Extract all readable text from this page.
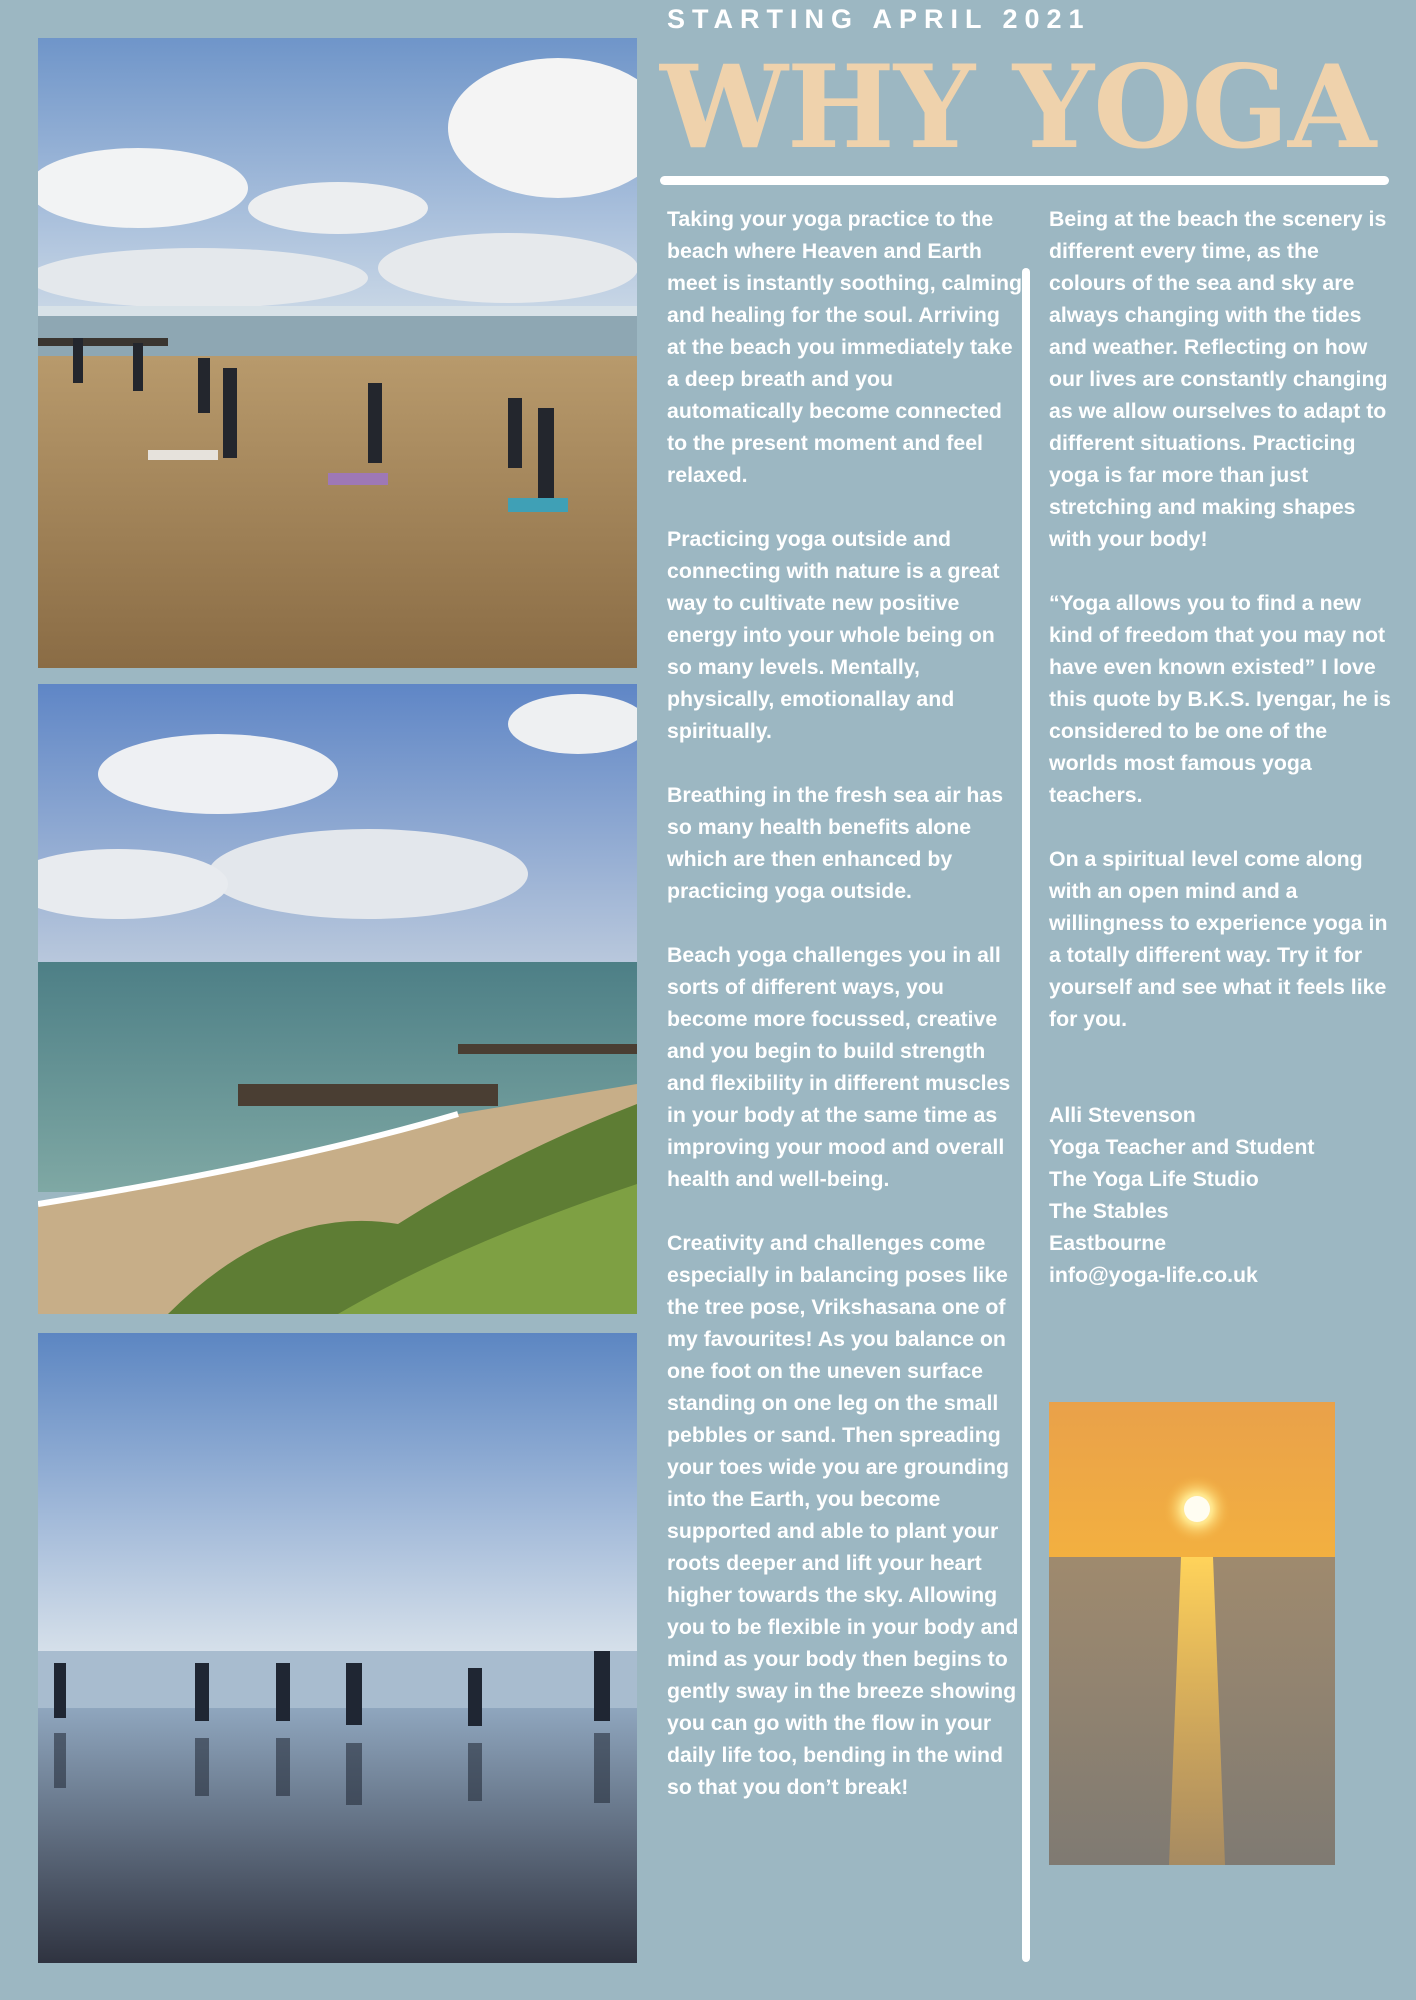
STARTING APRIL 2021
WHY YOGA

Taking your yoga practice to the beach where Heaven and Earth meet is instantly soothing, calming and healing for the soul. Arriving at the beach you immediately take a deep breath and you automatically become connected to the present moment and feel relaxed.

Practicing yoga outside and connecting with nature is a great way to cultivate new positive energy into your whole being on so many levels. Mentally, physically, emotionallay and spiritually.

Breathing in the fresh sea air has so many health benefits alone which are then enhanced by practicing yoga outside.

Beach yoga challenges you in all sorts of different ways, you become more focussed, creative and you begin to build strength and flexibility in different muscles in your body at the same time as improving your mood and overall health and well-being.

Creativity and challenges come especially in balancing poses like the tree pose, Vrikshasana one of my favourites! As you balance on one foot on the uneven surface standing on one leg on the small pebbles or sand. Then spreading your toes wide you are grounding into the Earth, you become supported and able to plant your roots deeper and lift your heart higher towards the sky. Allowing you to be flexible in your body and mind as your body then begins to gently sway in the breeze showing you can go with the flow in your daily life too, bending in the wind so that you don’t break!

Being at the beach the scenery is different every time, as the colours of the sea and sky are always changing with the tides and weather. Reflecting on how our lives are constantly changing as we allow ourselves to adapt to different situations. Practicing yoga is far more than just stretching and making shapes with your body!

“Yoga allows you to find a new kind of freedom that you may not have even known existed” I love this quote by B.K.S. Iyengar, he is considered to be one of the worlds most famous yoga teachers.

On a spiritual level come along with an open mind and a willingness to experience yoga in a totally different way. Try it for yourself and see what it feels like for you.

Alli Stevenson
Yoga Teacher and Student
The Yoga Life Studio
The Stables
Eastbourne
info@yoga-life.co.uk
